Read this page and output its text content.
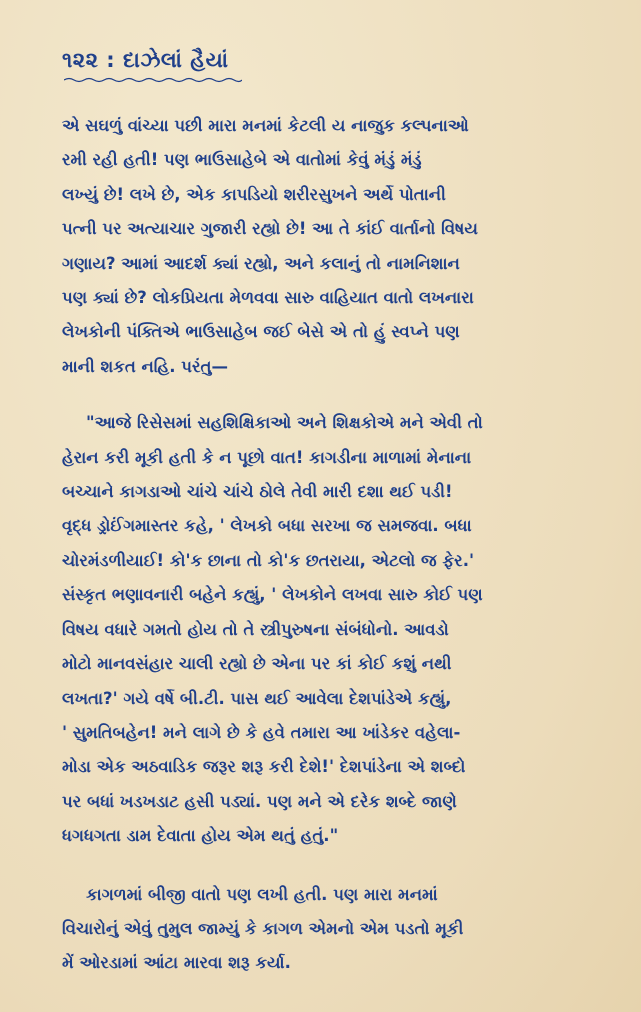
૧૨૨ : દાઝેલાં હૈયાં
એ સઘળું વાંચ્યા પછી મારા મનમાં કેટલી ય નાજુક કલ્પનાઓ
રમી રહી હતી! પણ ભાઉસાહેબે એ વાતોમાં કેવું મંડું મંડું
લખ્યું છે! લખે છે, એક કાપડિયો શરીરસુખને અર્થે પોતાની
પત્ની પર અત્યાચાર ગુજારી રહ્યો છે! આ તે કાંઈ વાર્તાનો વિષય
ગણાય? આમાં આદર્શ ક્યાં રહ્યો, અને કલાનું તો નામનિશાન
પણ ક્યાં છે? લોકપ્રિયતા મેળવવા સારુ વાહિયાત વાતો લખનારા
લેખકોની પંક્તિએ ભાઉસાહેબ જઈ બેસે એ તો હું સ્વપ્ને પણ
માની શકત નહિ. પરંતુ—
"આજે રિસેસમાં સહશિક્ષિકાઓ અને શિક્ષકોએ મને એવી તો
હેરાન કરી મૂકી હતી કે ન પૂછો વાત! કાગડીના માળામાં મેનાના
બચ્ચાને કાગડાઓ ચાંચે ચાંચે ઠોલે તેવી મારી દશા થઈ પડી!
વૃદ્ધ ડ્રોઈંગમાસ્તર કહે, ' લેખકો બધા સરખા જ સમજવા. બધા
ચોરમંડળીયાઈ! કો'ક છાના તો કો'ક છતરાયા, એટલો જ ફેર.'
સંસ્કૃત ભણાવનારી બહેને કહ્યું, ' લેખકોને લખવા સારુ કોઈ પણ
વિષય વધારે ગમતો હોય તો તે સ્ત્રીપુરુષના સંબંધોનો. આવડો
મોટો માનવસંહાર ચાલી રહ્યો છે એના પર કાં કોઈ કશું નથી
લખતા?' ગયે વર્ષે બી.ટી. પાસ થઈ આવેલા દેશપાંડેએ કહ્યું,
' સુમતિબહેન! મને લાગે છે કે હવે તમારા આ ખાંડેકર વહેલા-
મોડા એક અઠવાડિક જરૂર શરૂ કરી દેશે!' દેશપાંડેના એ શબ્દો
પર બધાં ખડખડાટ હસી પડ્યાં. પણ મને એ દરેક શબ્દે જાણે
ધગધગતા ડામ દેવાતા હોય એમ થતું હતું."
કાગળમાં બીજી વાતો પણ લખી હતી. પણ મારા મનમાં
વિચારોનું એવું તુમુલ જામ્યું કે કાગળ એમનો એમ પડતો મૂકી
મેં ઓરડામાં આંટા મારવા શરૂ કર્યા.
